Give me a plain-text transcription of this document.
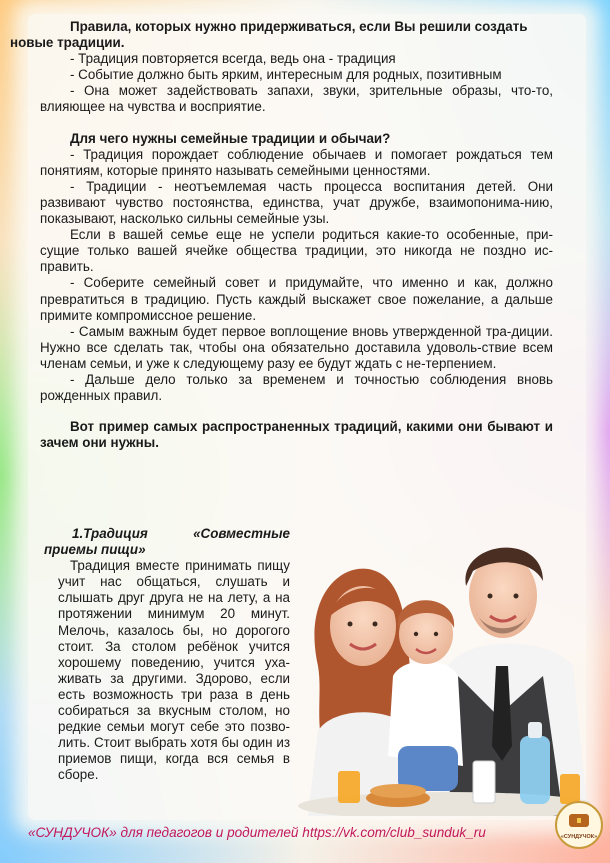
Правила, которых нужно придерживаться, если Вы решили создать
новые традиции.

- Традиция повторяется всегда, ведь она - традиция

- Событие должно быть ярким, интересным для родных, позитивным

- Она может задействовать запахи, звуки, зрительные образы, что-то, влияющее на чувства и восприятие.

Для чего нужны семейные традиции и обычаи?

- Традиция порождает соблюдение обычаев и помогает рождаться тем понятиям, которые принято называть семейными ценностями.

- Традиции - неотъемлемая часть процесса воспитания детей. Они развивают чувство постоянства, единства, учат дружбе, взаимопонима-нию, показывают, насколько сильны семейные узы.

Если в вашей семье еще не успели родиться какие-то особенные, при-сущие только вашей ячейке общества традиции, это никогда не поздно ис-править.

- Соберите семейный совет и придумайте, что именно и как, должно превратиться в традицию. Пусть каждый выскажет свое пожелание, а дальше примите компромиссное решение.

- Самым важным будет первое воплощение вновь утвержденной тра-диции. Нужно все сделать так, чтобы она обязательно доставила удоволь-ствие всем членам семьи, и уже к следующему разу ее будут ждать с не-терпением.

- Дальше дело только за временем и точностью соблюдения вновь рожденных правил.

Вот пример самых распространенных традиций, какими они бывают и зачем они нужны.

1.Традиция	«Совместные

приемы пищи»

Традиция вместе принимать пищу учит нас общаться, слушать и слышать друг друга не на лету, а на протяжении минимум 20 минут. Мелочь, казалось бы, но дорогого стоит. За столом ребёнок учится хорошему поведению, учится уха-живать за другими. Здорово, если есть возможность три раза в день собираться за вкусным столом, но редкие семьи могут себе это позво-лить. Стоит выбрать хотя бы один из приемов пищи, когда вся семья в сборе.

«СУНДУЧОК» для педагогов и родителей https://vk.com/club_sunduk_ru	«СУНДУЧОК»
